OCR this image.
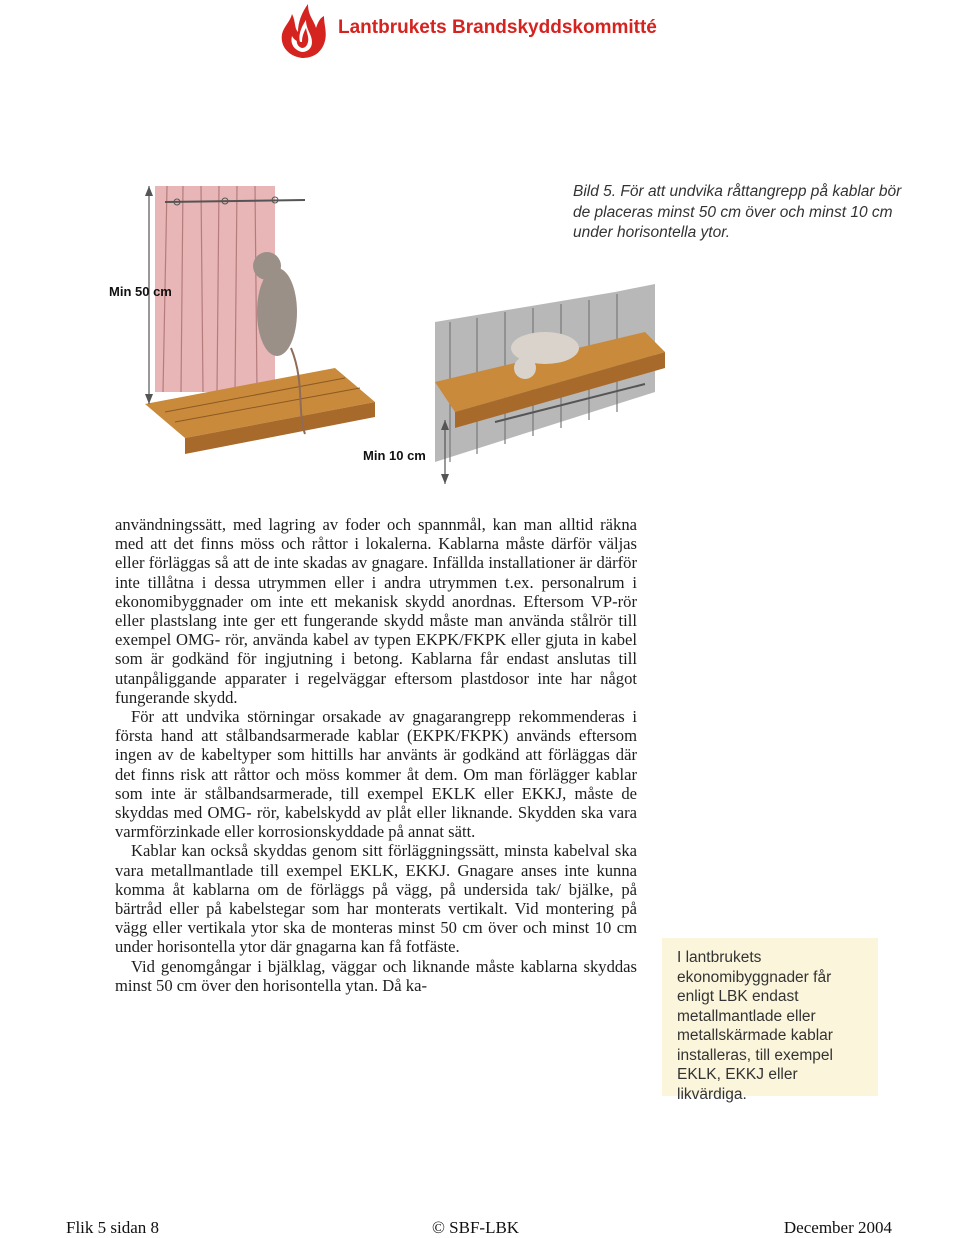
Lantbrukets Brandskyddskommitté
Min 50 cm
Min 10 cm

Bild 5. För att undvika råttangrepp på kablar bör de placeras minst 50 cm över och minst 10 cm under horisontella ytor.

användningssätt, med lagring av foder och spannmål, kan man alltid räkna med att det finns möss och råttor i lokalerna. Kablarna måste därför väljas eller förläggas så att de inte skadas av gnagare. Infällda installationer är därför inte tillåtna i dessa utrymmen eller i andra utrymmen t.ex. personalrum i ekonomibyggnader om inte ett mekanisk skydd anordnas. Eftersom VP-rör eller plastslang inte ger ett fungerande skydd måste man använda stålrör till exempel OMG- rör, använda kabel av typen EKPK/FKPK eller gjuta in kabel som är godkänd för ingjutning i betong. Kablarna får endast anslutas till utanpåliggande apparater i regelväggar eftersom plastdosor inte har något fungerande skydd.

För att undvika störningar orsakade av gnagarangrepp rekommenderas i första hand att stålbandsarmerade kablar (EKPK/FKPK) används eftersom ingen av de kabeltyper som hittills har använts är godkänd att förläggas där det finns risk att råttor och möss kommer åt dem. Om man förlägger kablar som inte är stålbandsarmerade, till exempel EKLK eller EKKJ, måste de skyddas med OMG- rör, kabelskydd av plåt eller liknande. Skydden ska vara varmförzinkade eller korrosionskyddade på annat sätt.

Kablar kan också skyddas genom sitt förläggningssätt, minsta kabelval ska vara metallmantlade till exempel EKLK, EKKJ. Gnagare anses inte kunna komma åt kablarna om de förläggs på vägg, på undersida tak/ bjälke, på bärtråd eller på kabelstegar som har monterats vertikalt. Vid montering på vägg eller vertikala ytor ska de monteras minst 50 cm över och minst 10 cm under horisontella ytor där gnagarna kan få fotfäste.

Vid genomgångar i bjälklag, väggar och liknande måste kablarna skyddas minst 50 cm över den horisontella ytan. Då ka-

I lantbrukets ekonomibyggnader får enligt LBK endast metallmantlade eller metallskärmade kablar installeras, till exempel EKLK, EKKJ eller likvärdiga.
Flik 5 sidan 8	© SBF-LBK	December 2004
